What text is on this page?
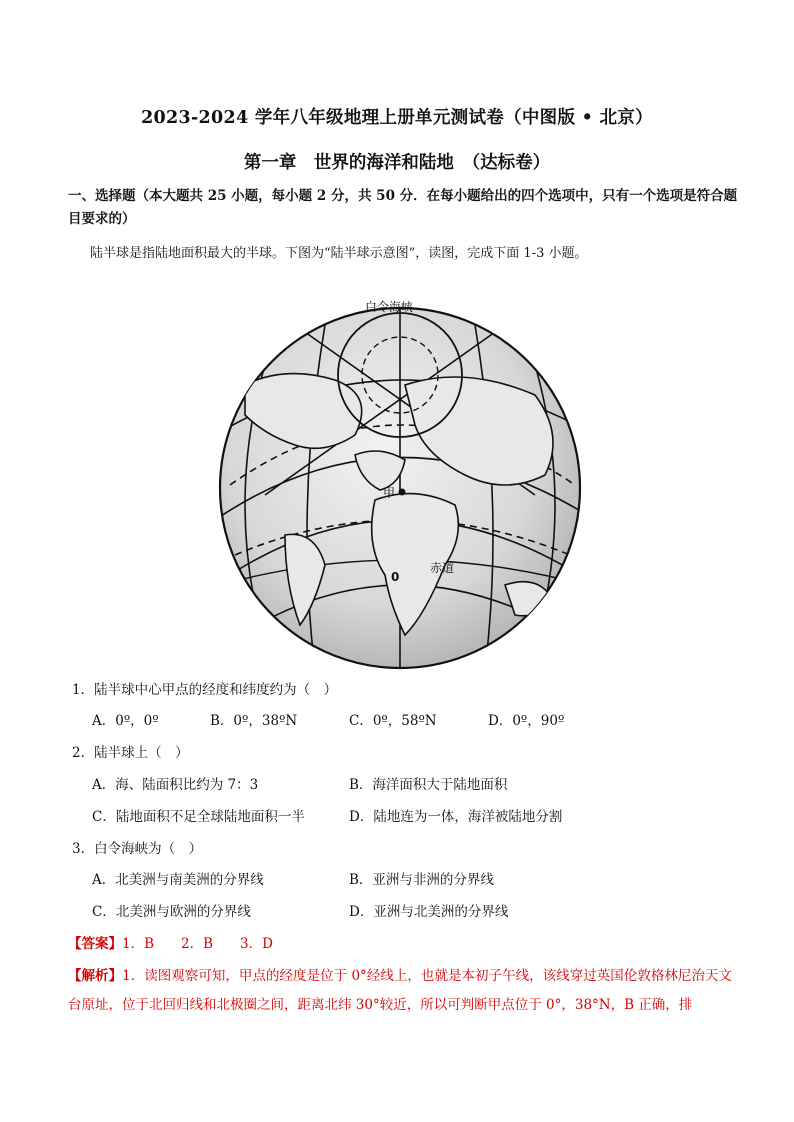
2023-2024 学年八年级地理上册单元测试卷（中图版 • 北京）
第一章　世界的海洋和陆地　（达标卷）
一、选择题（本大题共 25 小题，每小题 2 分，共 50 分．在每小题给出的四个选项中，只有一个选项是符合题目要求的）
陆半球是指陆地面积最大的半球。下图为“陆半球示意图”，读图，完成下面 1-3 小题。
甲
白令海峡
赤道
0
1．陆半球中心甲点的经度和纬度约为（　）
A．0º，0º	B．0º，38ºN	C．0º，58ºN	D．0º，90º
2．陆半球上（　）
A．海、陆面积比约为 7：3	B．海洋面积大于陆地面积
C．陆地面积不足全球陆地面积一半	D．陆地连为一体，海洋被陆地分割
3．白令海峡为（　）
A．北美洲与南美洲的分界线	B．亚洲与非洲的分界线
C．北美洲与欧洲的分界线	D．亚洲与北美洲的分界线
【答案】1．B　　2．B　　3．D
【解析】1．读图观察可知，甲点的经度是位于 0°经线上，也就是本初子午线，该线穿过英国伦敦格林尼治天文台原址，位于北回归线和北极圈之间，距离北纬 30°较近，所以可判断甲点位于 0°，38°N，B 正确，排
